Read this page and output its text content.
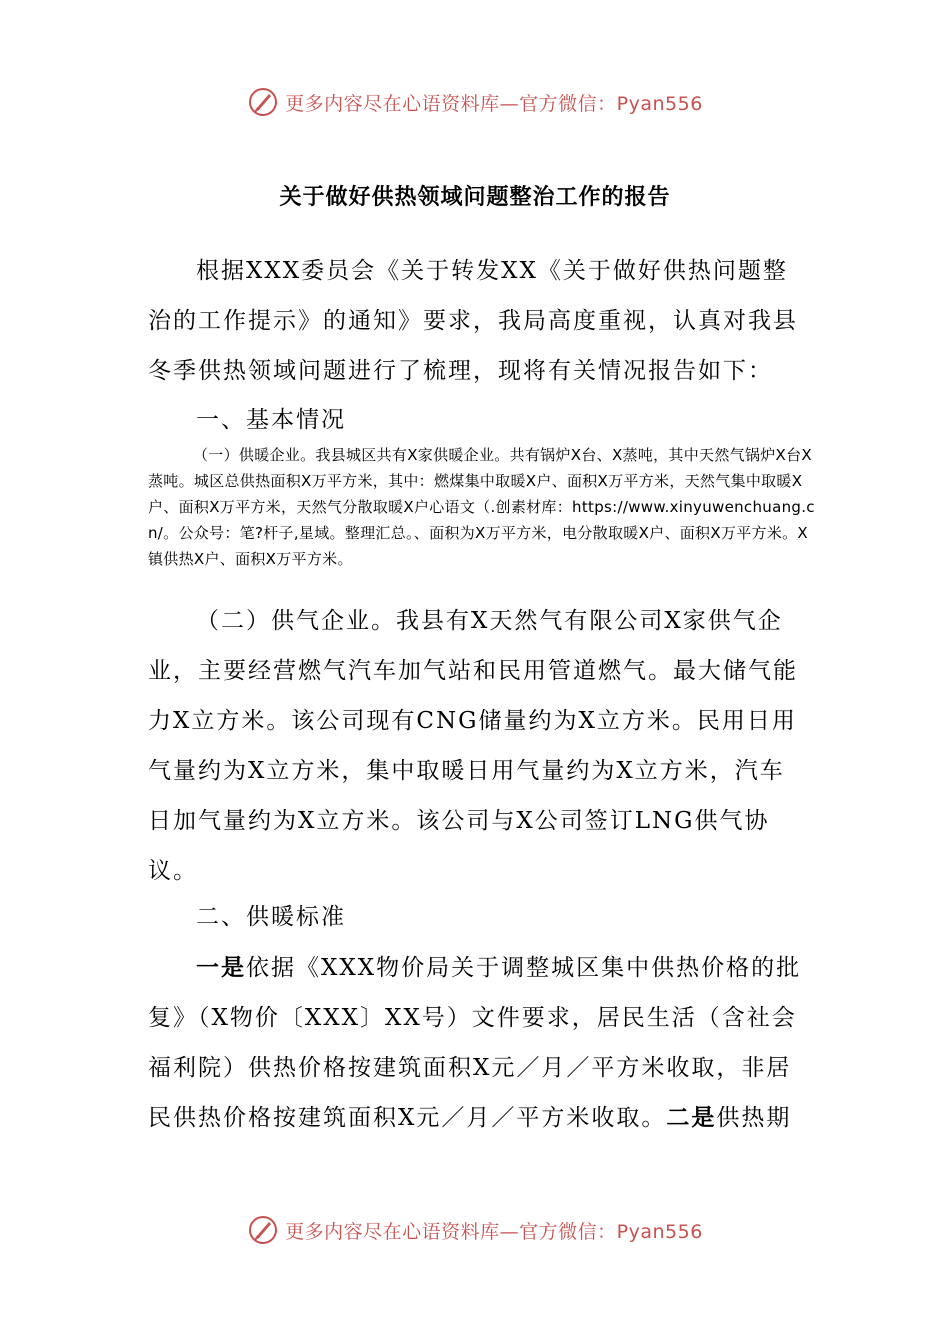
更多内容尽在心语资料库—官方微信：Pyan556
关于做好供热领域问题整治工作的报告
根据XXX委员会《关于转发XX《关于做好供热问题整治的工作提示》的通知》要求，我局高度重视，认真对我县冬季供热领域问题进行了梳理，现将有关情况报告如下：
一、基本情况
（一）供暖企业。我县城区共有X家供暖企业。共有锅炉X台、X蒸吨，其中天然气锅炉X台X蒸吨。城区总供热面积X万平方米，其中：燃煤集中取暖X户、面积X万平方米，天然气集中取暖X户、面积X万平方米，天然气分散取暖X户心语文（.创素材库：https://www.xinyuwenchuang.cn/。公众号：笔?杆子,星域。整理汇总。、面积为X万平方米，电分散取暖X户、面积X万平方米。X镇供热X户、面积X万平方米。
（二）供气企业。我县有X天然气有限公司X家供气企业，主要经营燃气汽车加气站和民用管道燃气。最大储气能力X立方米。该公司现有CNG储量约为X立方米。民用日用气量约为X立方米，集中取暖日用气量约为X立方米，汽车日加气量约为X立方米。该公司与X公司签订LNG供气协议。
二、供暖标准
一是依据《XXX物价局关于调整城区集中供热价格的批复》（X物价〔XXX〕XX号）文件要求，居民生活（含社会福利院）供热价格按建筑面积X元／月／平方米收取，非居民供热价格按建筑面积X元／月／平方米收取。二是供热期
更多内容尽在心语资料库—官方微信：Pyan556
